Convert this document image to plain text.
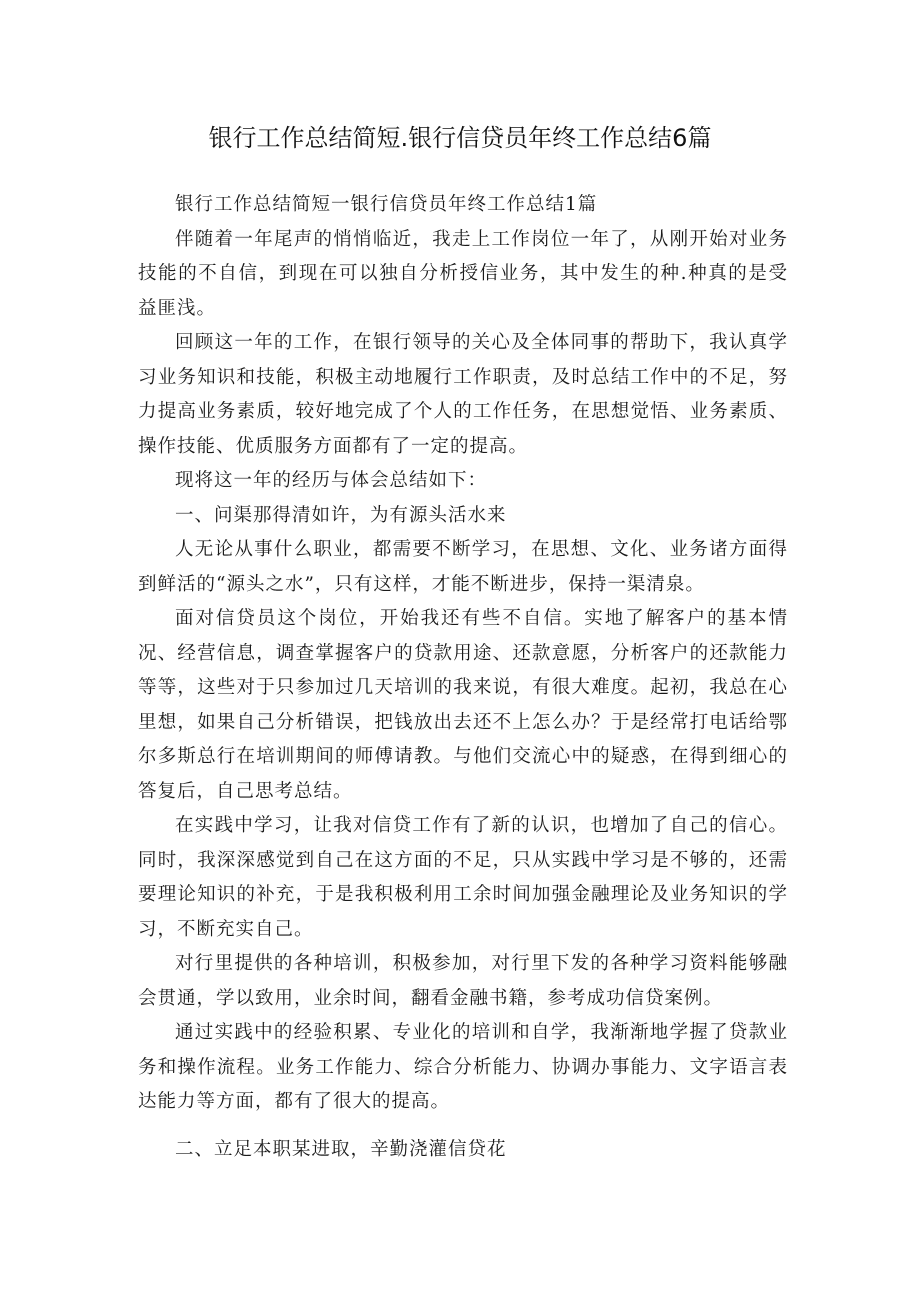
银行工作总结简短.银行信贷员年终工作总结6篇

银行工作总结简短一银行信贷员年终工作总结1篇

伴随着一年尾声的悄悄临近，我走上工作岗位一年了，从刚开始对业务技能的不自信，到现在可以独自分析授信业务，其中发生的种.种真的是受益匪浅。

回顾这一年的工作，在银行领导的关心及全体同事的帮助下，我认真学习业务知识和技能，积极主动地履行工作职责，及时总结工作中的不足，努力提高业务素质，较好地完成了个人的工作任务，在思想觉悟、业务素质、操作技能、优质服务方面都有了一定的提高。

现将这一年的经历与体会总结如下：

一、问渠那得清如许，为有源头活水来

人无论从事什么职业，都需要不断学习，在思想、文化、业务诸方面得到鲜活的“源头之水”，只有这样，才能不断进步，保持一渠清泉。

面对信贷员这个岗位，开始我还有些不自信。实地了解客户的基本情况、经营信息，调查掌握客户的贷款用途、还款意愿，分析客户的还款能力等等，这些对于只参加过几天培训的我来说，有很大难度。起初，我总在心里想，如果自己分析错误，把钱放出去还不上怎么办？于是经常打电话给鄂尔多斯总行在培训期间的师傅请教。与他们交流心中的疑惑，在得到细心的答复后，自己思考总结。

在实践中学习，让我对信贷工作有了新的认识，也增加了自己的信心。同时，我深深感觉到自己在这方面的不足，只从实践中学习是不够的，还需要理论知识的补充，于是我积极利用工余时间加强金融理论及业务知识的学习，不断充实自己。

对行里提供的各种培训，积极参加，对行里下发的各种学习资料能够融会贯通，学以致用，业余时间，翻看金融书籍，参考成功信贷案例。

通过实践中的经验积累、专业化的培训和自学，我渐渐地学握了贷款业务和操作流程。业务工作能力、综合分析能力、协调办事能力、文字语言表达能力等方面，都有了很大的提高。

二、立足本职某进取，辛勤浇灌信贷花
